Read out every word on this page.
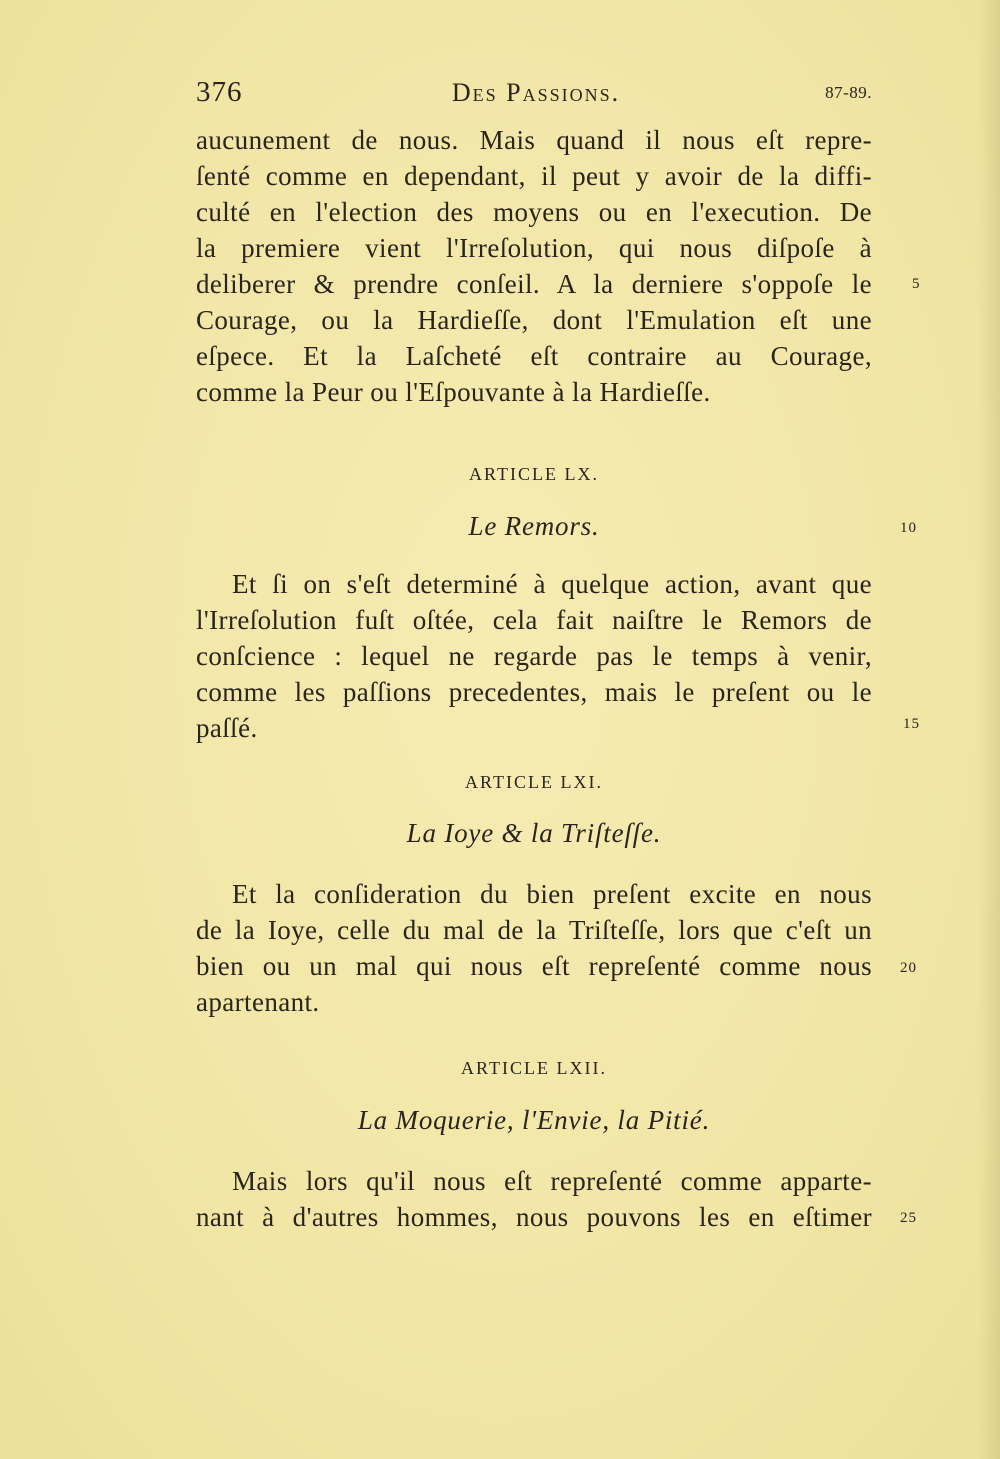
376	Des Passions.	87-89.
aucunement de nous. Mais quand il nous eſt repre-
ſenté comme en dependant, il peut y avoir de la diffi-
culté en l'election des moyens ou en l'execution. De
la premiere vient l'Irreſolution, qui nous diſpoſe à
deliberer & prendre conſeil. A la derniere s'oppoſe le
Courage, ou la Hardieſſe, dont l'Emulation eſt une
eſpece. Et la Laſcheté eſt contraire au Courage,
comme la Peur ou l'Eſpouvante à la Hardieſſe.
ARTICLE LX.
Le Remors.
Et ſi on s'eſt determiné à quelque action, avant que
l'Irreſolution fuſt oſtée, cela fait naiſtre le Remors de
conſcience : lequel ne regarde pas le temps à venir,
comme les paſſions precedentes, mais le preſent ou le
paſſé.
ARTICLE LXI.
La Ioye & la Triſteſſe.
Et la conſideration du bien preſent excite en nous
de la Ioye, celle du mal de la Triſteſſe, lors que c'eſt un
bien ou un mal qui nous eſt repreſenté comme nous
apartenant.
ARTICLE LXII.
La Moquerie, l'Envie, la Pitié.
Mais lors qu'il nous eſt repreſenté comme appartе-
nant à d'autres hommes, nous pouvons les en eſtimer
5
10
15
20
25
